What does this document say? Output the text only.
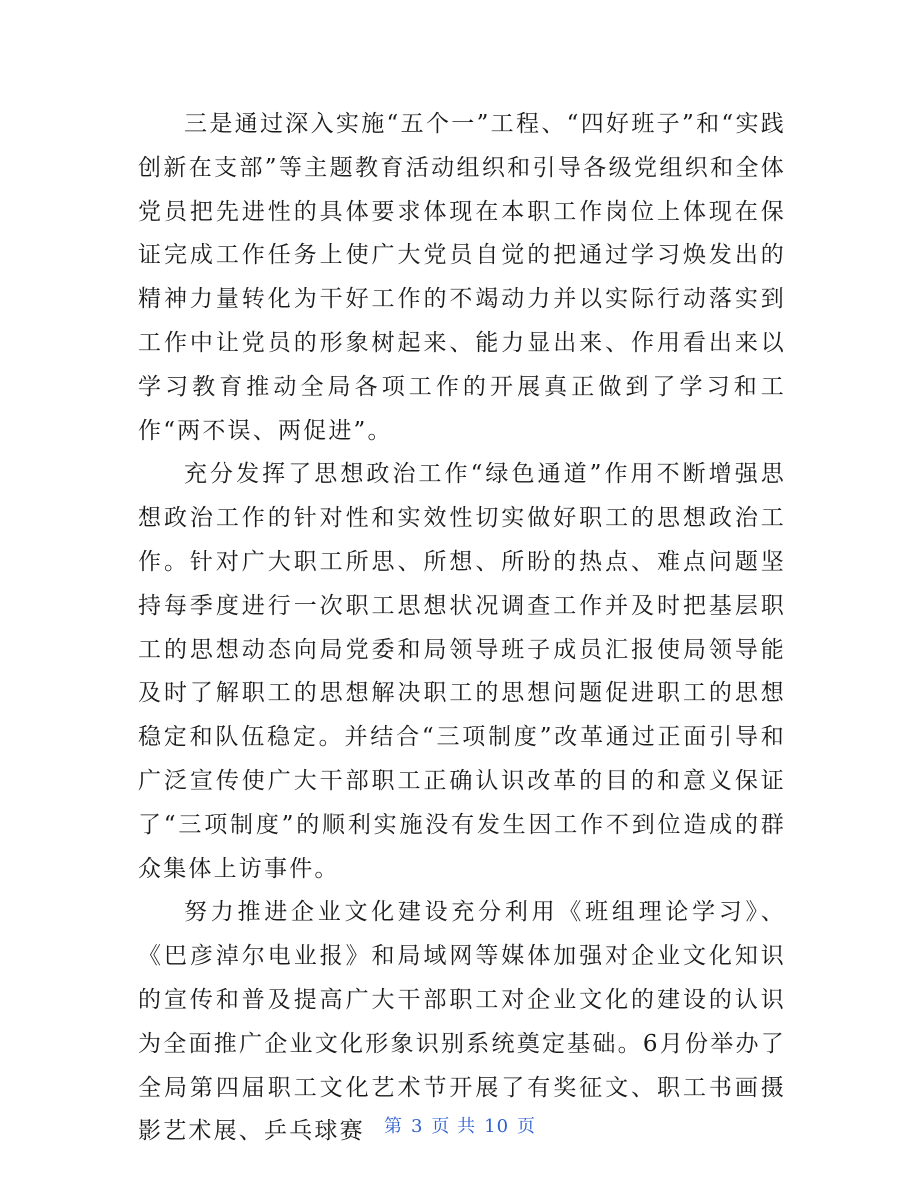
三是通过深入实施“五个一”工程、“四好班子”和“实践创新在支部”等主题教育活动组织和引导各级党组织和全体党员把先进性的具体要求体现在本职工作岗位上体现在保证完成工作任务上使广大党员自觉的把通过学习焕发出的精神力量转化为干好工作的不竭动力并以实际行动落实到工作中让党员的形象树起来、能力显出来、作用看出来以学习教育推动全局各项工作的开展真正做到了学习和工作“两不误、两促进”。

充分发挥了思想政治工作“绿色通道”作用不断增强思想政治工作的针对性和实效性切实做好职工的思想政治工作。针对广大职工所思、所想、所盼的热点、难点问题坚持每季度进行一次职工思想状况调查工作并及时把基层职工的思想动态向局党委和局领导班子成员汇报使局领导能及时了解职工的思想解决职工的思想问题促进职工的思想稳定和队伍稳定。并结合“三项制度”改革通过正面引导和广泛宣传使广大干部职工正确认识改革的目的和意义保证了“三项制度”的顺利实施没有发生因工作不到位造成的群众集体上访事件。

努力推进企业文化建设充分利用《班组理论学习》、《巴彦淖尔电业报》和局域网等媒体加强对企业文化知识的宣传和普及提高广大干部职工对企业文化的建设的认识为全面推广企业文化形象识别系统奠定基础。6月份举办了全局第四届职工文化艺术节开展了有奖征文、职工书画摄影艺术展、乒乓球赛	第 3 页 共 10 页
